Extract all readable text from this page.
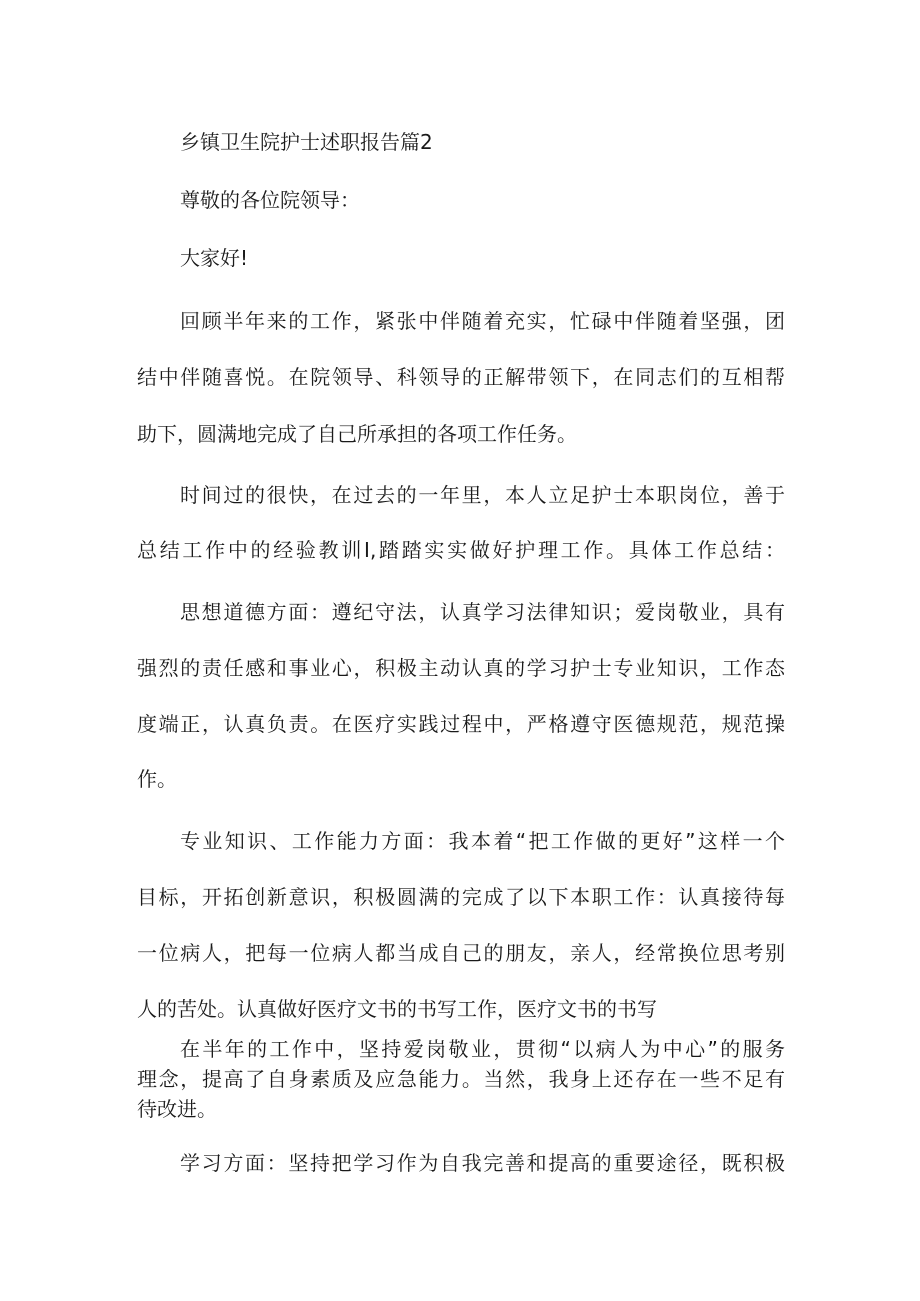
乡镇卫生院护士述职报告篇2
尊敬的各位院领导：
大家好!
回顾半年来的工作，紧张中伴随着充实，忙碌中伴随着坚强，团
结中伴随喜悦。在院领导、科领导的正解带领下，在同志们的互相帮
助下，圆满地完成了自己所承担的各项工作任务。
时间过的很快，在过去的一年里，本人立足护士本职岗位，善于
总结工作中的经验教训I,踏踏实实做好护理工作。具体工作总结：
思想道德方面：遵纪守法，认真学习法律知识；爱岗敬业，具有
强烈的责任感和事业心，积极主动认真的学习护士专业知识，工作态
度端正，认真负责。在医疗实践过程中，严格遵守医德规范，规范操
作。
专业知识、工作能力方面：我本着“把工作做的更好”这样一个
目标，开拓创新意识，积极圆满的完成了以下本职工作：认真接待每
一位病人，把每一位病人都当成自己的朋友，亲人，经常换位思考别
人的苦处。认真做好医疗文书的书写工作，医疗文书的书写
在半年的工作中，坚持爱岗敬业，贯彻“以病人为中心”的服务
理念，提高了自身素质及应急能力。当然，我身上还存在一些不足有
待改进。
学习方面：坚持把学习作为自我完善和提高的重要途径，既积极
